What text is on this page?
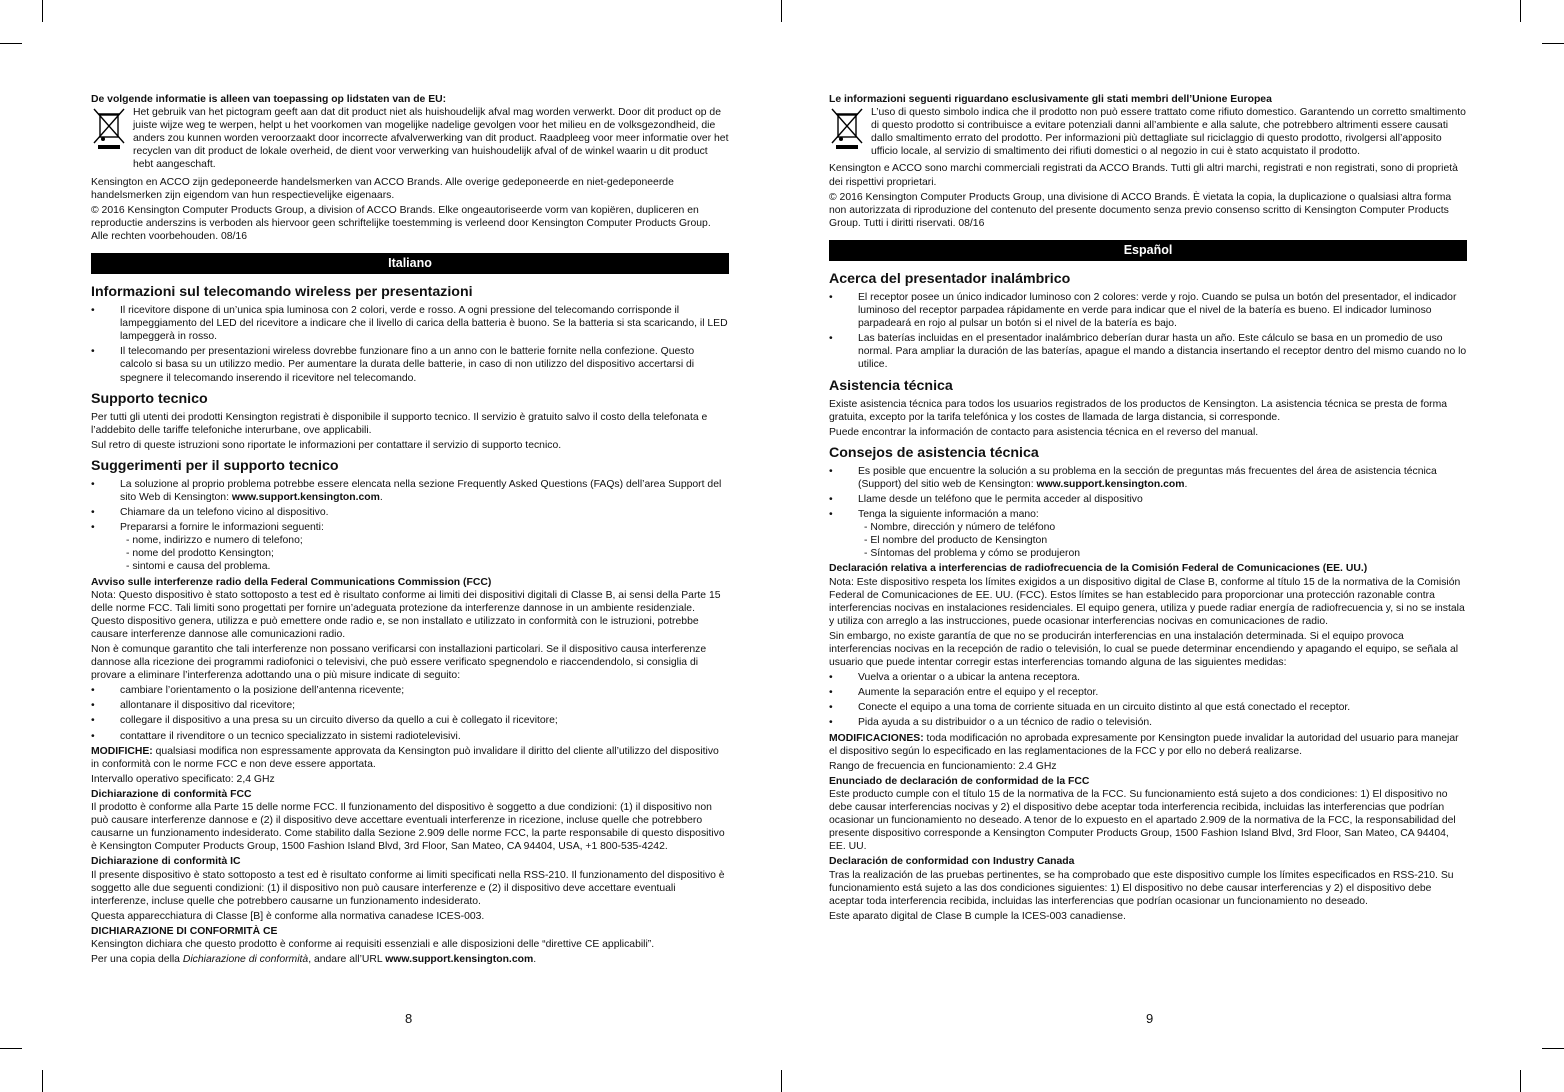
De volgende informatie is alleen van toepassing op lidstaten van de EU:

Het gebruik van het pictogram geeft aan dat dit product niet als huishoudelijk afval mag worden verwerkt. Door dit product op de juiste wijze weg te werpen, helpt u het voorkomen van mogelijke nadelige gevolgen voor het milieu en de volksgezondheid, die anders zou kunnen worden veroorzaakt door incorrecte afvalverwerking van dit product. Raadpleeg voor meer informatie over het recyclen van dit product de lokale overheid, de dient voor verwerking van huishoudelijk afval of de winkel waarin u dit product hebt aangeschaft.

Kensington en ACCO zijn gedeponeerde handelsmerken van ACCO Brands. Alle overige gedeponeerde en niet-gedeponeerde handelsmerken zijn eigendom van hun respectievelijke eigenaars.

© 2016 Kensington Computer Products Group, a division of ACCO Brands. Elke ongeautoriseerde vorm van kopiëren, dupliceren en reproductie anderszins is verboden als hiervoor geen schriftelijke toestemming is verleend door Kensington Computer Products Group. Alle rechten voorbehouden. 08/16

Italiano
Informazioni sul telecomando wireless per presentazioni
• Il ricevitore dispone di un’unica spia luminosa con 2 colori, verde e rosso. A ogni pressione del telecomando corrisponde il lampeggiamento del LED del ricevitore a indicare che il livello di carica della batteria è buono. Se la batteria si sta scaricando, il LED lampeggerà in rosso.
• Il telecomando per presentazioni wireless dovrebbe funzionare fino a un anno con le batterie fornite nella confezione. Questo calcolo si basa su un utilizzo medio. Per aumentare la durata delle batterie, in caso di non utilizzo del dispositivo accertarsi di spegnere il telecomando inserendo il ricevitore nel telecomando.
Supporto tecnico

Per tutti gli utenti dei prodotti Kensington registrati è disponibile il supporto tecnico. Il servizio è gratuito salvo il costo della telefonata e l’addebito delle tariffe telefoniche interurbane, ove applicabili.

Sul retro di queste istruzioni sono riportate le informazioni per contattare il servizio di supporto tecnico.

Suggerimenti per il supporto tecnico
• La soluzione al proprio problema potrebbe essere elencata nella sezione Frequently Asked Questions (FAQs) dell’area Support del sito Web di Kensington: www.support.kensington.com.
• Chiamare da un telefono vicino al dispositivo.
• Prepararsi a fornire le informazioni seguenti:
- nome, indirizzo e numero di telefono;
- nome del prodotto Kensington;
- sintomi e causa del problema.
Avviso sulle interferenze radio della Federal Communications Commission (FCC)

Nota: Questo dispositivo è stato sottoposto a test ed è risultato conforme ai limiti dei dispositivi digitali di Classe B, ai sensi della Parte 15 delle norme FCC. Tali limiti sono progettati per fornire un’adeguata protezione da interferenze dannose in un ambiente residenziale. Questo dispositivo genera, utilizza e può emettere onde radio e, se non installato e utilizzato in conformità con le istruzioni, potrebbe causare interferenze dannose alle comunicazioni radio.

Non è comunque garantito che tali interferenze non possano verificarsi con installazioni particolari. Se il dispositivo causa interferenze dannose alla ricezione dei programmi radiofonici o televisivi, che può essere verificato spegnendolo e riaccendendolo, si consiglia di provare a eliminare l’interferenza adottando una o più misure indicate di seguito:

• cambiare l’orientamento o la posizione dell’antenna ricevente;
• allontanare il dispositivo dal ricevitore;
• collegare il dispositivo a una presa su un circuito diverso da quello a cui è collegato il ricevitore;
• contattare il rivenditore o un tecnico specializzato in sistemi radiotelevisivi.

MODIFICHE: qualsiasi modifica non espressamente approvata da Kensington può invalidare il diritto del cliente all’utilizzo del dispositivo in conformità con le norme FCC e non deve essere apportata.

Intervallo operativo specificato: 2,4 GHz

Dichiarazione di conformità FCC

Il prodotto è conforme alla Parte 15 delle norme FCC. Il funzionamento del dispositivo è soggetto a due condizioni: (1) il dispositivo non può causare interferenze dannose e (2) il dispositivo deve accettare eventuali interferenze in ricezione, incluse quelle che potrebbero causarne un funzionamento indesiderato. Come stabilito dalla Sezione 2.909 delle norme FCC, la parte responsabile di questo dispositivo è Kensington Computer Products Group, 1500 Fashion Island Blvd, 3rd Floor, San Mateo, CA 94404, USA, +1 800-535-4242.

Dichiarazione di conformità IC

Il presente dispositivo è stato sottoposto a test ed è risultato conforme ai limiti specificati nella RSS-210. Il funzionamento del dispositivo è soggetto alle due seguenti condizioni: (1) il dispositivo non può causare interferenze e (2) il dispositivo deve accettare eventuali interferenze, incluse quelle che potrebbero causarne un funzionamento indesiderato.

Questa apparecchiatura di Classe [B] è conforme alla normativa canadese ICES-003.

DICHIARAZIONE DI CONFORMITÀ CE

Kensington dichiara che questo prodotto è conforme ai requisiti essenziali e alle disposizioni delle “direttive CE applicabili”.

Per una copia della Dichiarazione di conformità, andare all’URL www.support.kensington.com.

8
Le informazioni seguenti riguardano esclusivamente gli stati membri dell’Unione Europea

L’uso di questo simbolo indica che il prodotto non può essere trattato come rifiuto domestico. Garantendo un corretto smaltimento di questo prodotto si contribuisce a evitare potenziali danni all’ambiente e alla salute, che potrebbero altrimenti essere causati dallo smaltimento errato del prodotto. Per informazioni più dettagliate sul riciclaggio di questo prodotto, rivolgersi all’apposito ufficio locale, al servizio di smaltimento dei rifiuti domestici o al negozio in cui è stato acquistato il prodotto.

Kensington e ACCO sono marchi commerciali registrati da ACCO Brands. Tutti gli altri marchi, registrati e non registrati, sono di proprietà dei rispettivi proprietari.

© 2016 Kensington Computer Products Group, una divisione di ACCO Brands. È vietata la copia, la duplicazione o qualsiasi altra forma non autorizzata di riproduzione del contenuto del presente documento senza previo consenso scritto di Kensington Computer Products Group. Tutti i diritti riservati. 08/16

Español
Acerca del presentador inalámbrico
• El receptor posee un único indicador luminoso con 2 colores: verde y rojo. Cuando se pulsa un botón del presentador, el indicador luminoso del receptor parpadea rápidamente en verde para indicar que el nivel de la batería es bueno. El indicador luminoso parpadeará en rojo al pulsar un botón si el nivel de la batería es bajo.
• Las baterías incluidas en el presentador inalámbrico deberían durar hasta un año. Este cálculo se basa en un promedio de uso normal. Para ampliar la duración de las baterías, apague el mando a distancia insertando el receptor dentro del mismo cuando no lo utilice.
Asistencia técnica

Existe asistencia técnica para todos los usuarios registrados de los productos de Kensington. La asistencia técnica se presta de forma gratuita, excepto por la tarifa telefónica y los costes de llamada de larga distancia, si corresponde.

Puede encontrar la información de contacto para asistencia técnica en el reverso del manual.

Consejos de asistencia técnica
• Es posible que encuentre la solución a su problema en la sección de preguntas más frecuentes del área de asistencia técnica (Support) del sitio web de Kensington: www.support.kensington.com.
• Llame desde un teléfono que le permita acceder al dispositivo
• Tenga la siguiente información a mano:
- Nombre, dirección y número de teléfono
- El nombre del producto de Kensington
- Síntomas del problema y cómo se produjeron
Declaración relativa a interferencias de radiofrecuencia de la Comisión Federal de Comunicaciones (EE. UU.)

Nota: Este dispositivo respeta los límites exigidos a un dispositivo digital de Clase B, conforme al título 15 de la normativa de la Comisión Federal de Comunicaciones de EE. UU. (FCC). Estos límites se han establecido para proporcionar una protección razonable contra interferencias nocivas en instalaciones residenciales. El equipo genera, utiliza y puede radiar energía de radiofrecuencia y, si no se instala y utiliza con arreglo a las instrucciones, puede ocasionar interferencias nocivas en comunicaciones de radio.

Sin embargo, no existe garantía de que no se producirán interferencias en una instalación determinada. Si el equipo provoca interferencias nocivas en la recepción de radio o televisión, lo cual se puede determinar encendiendo y apagando el equipo, se señala al usuario que puede intentar corregir estas interferencias tomando alguna de las siguientes medidas:

• Vuelva a orientar o a ubicar la antena receptora.
• Aumente la separación entre el equipo y el receptor.
• Conecte el equipo a una toma de corriente situada en un circuito distinto al que está conectado el receptor.
• Pida ayuda a su distribuidor o a un técnico de radio o televisión.

MODIFICACIONES: toda modificación no aprobada expresamente por Kensington puede invalidar la autoridad del usuario para manejar el dispositivo según lo especificado en las reglamentaciones de la FCC y por ello no deberá realizarse.

Rango de frecuencia en funcionamiento: 2.4 GHz

Enunciado de declaración de conformidad de la FCC

Este producto cumple con el título 15 de la normativa de la FCC. Su funcionamiento está sujeto a dos condiciones: 1) El dispositivo no debe causar interferencias nocivas y 2) el dispositivo debe aceptar toda interferencia recibida, incluidas las interferencias que podrían ocasionar un funcionamiento no deseado. A tenor de lo expuesto en el apartado 2.909 de la normativa de la FCC, la responsabilidad del presente dispositivo corresponde a Kensington Computer Products Group, 1500 Fashion Island Blvd, 3rd Floor, San Mateo, CA 94404, EE. UU.

Declaración de conformidad con Industry Canada

Tras la realización de las pruebas pertinentes, se ha comprobado que este dispositivo cumple los límites especificados en RSS-210. Su funcionamiento está sujeto a las dos condiciones siguientes: 1) El dispositivo no debe causar interferencias y 2) el dispositivo debe aceptar toda interferencia recibida, incluidas las interferencias que podrían ocasionar un funcionamiento no deseado.

Este aparato digital de Clase B cumple la ICES-003 canadiense.

9
